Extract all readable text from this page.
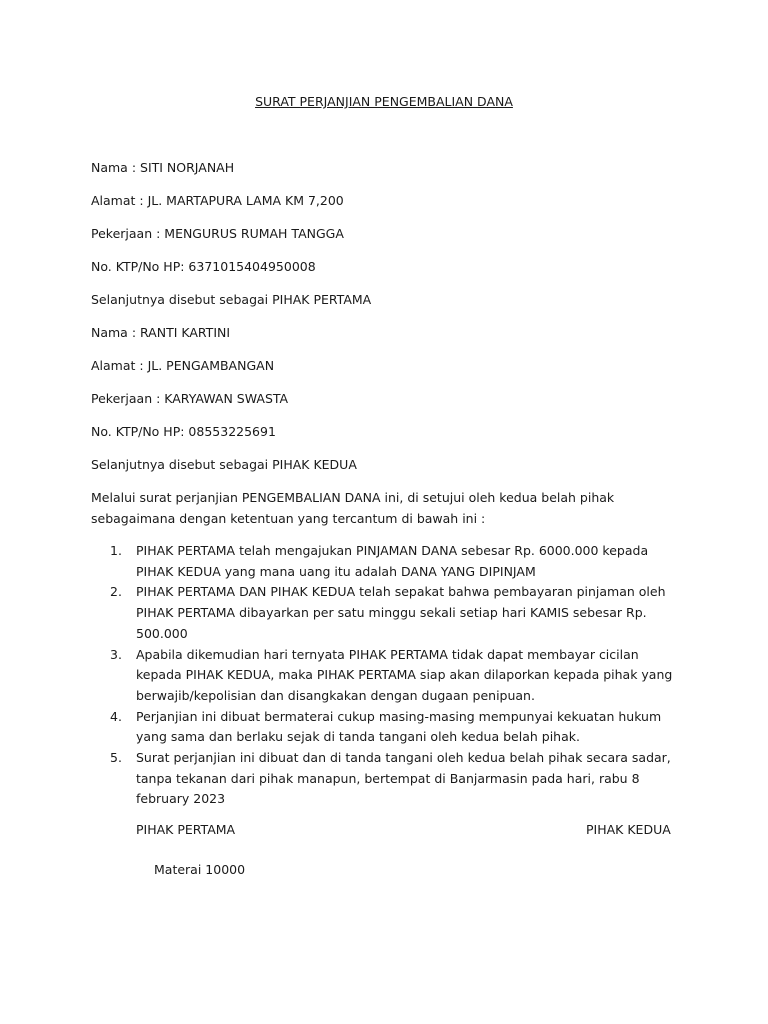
SURAT PERJANJIAN PENGEMBALIAN DANA
Nama : SITI NORJANAH
Alamat : JL. MARTAPURA LAMA KM 7,200
Pekerjaan : MENGURUS RUMAH TANGGA
No. KTP/No HP: 6371015404950008
Selanjutnya disebut sebagai PIHAK PERTAMA
Nama : RANTI KARTINI
Alamat : JL. PENGAMBANGAN
Pekerjaan : KARYAWAN SWASTA
No. KTP/No HP: 08553225691
Selanjutnya disebut sebagai PIHAK KEDUA
Melalui surat perjanjian PENGEMBALIAN DANA ini, di setujui oleh kedua belah pihak sebagaimana dengan ketentuan yang tercantum di bawah ini :
1. PIHAK PERTAMA telah mengajukan PINJAMAN DANA sebesar Rp. 6000.000 kepada PIHAK KEDUA yang mana uang itu adalah DANA YANG DIPINJAM
2. PIHAK PERTAMA DAN PIHAK KEDUA telah sepakat bahwa pembayaran pinjaman oleh PIHAK PERTAMA dibayarkan per satu minggu sekali setiap hari KAMIS sebesar Rp. 500.000
3. Apabila dikemudian hari ternyata PIHAK PERTAMA tidak dapat membayar cicilan kepada PIHAK KEDUA, maka PIHAK PERTAMA siap akan dilaporkan kepada pihak yang berwajib/kepolisian dan disangkakan dengan dugaan penipuan.
4. Perjanjian ini dibuat bermaterai cukup masing-masing mempunyai kekuatan hukum yang sama dan berlaku sejak di tanda tangani oleh kedua belah pihak.
5. Surat perjanjian ini dibuat dan di tanda tangani oleh kedua belah pihak secara sadar, tanpa tekanan dari pihak manapun, bertempat di Banjarmasin pada hari, rabu 8 february 2023
PIHAK PERTAMA	PIHAK KEDUA
Materai 10000
